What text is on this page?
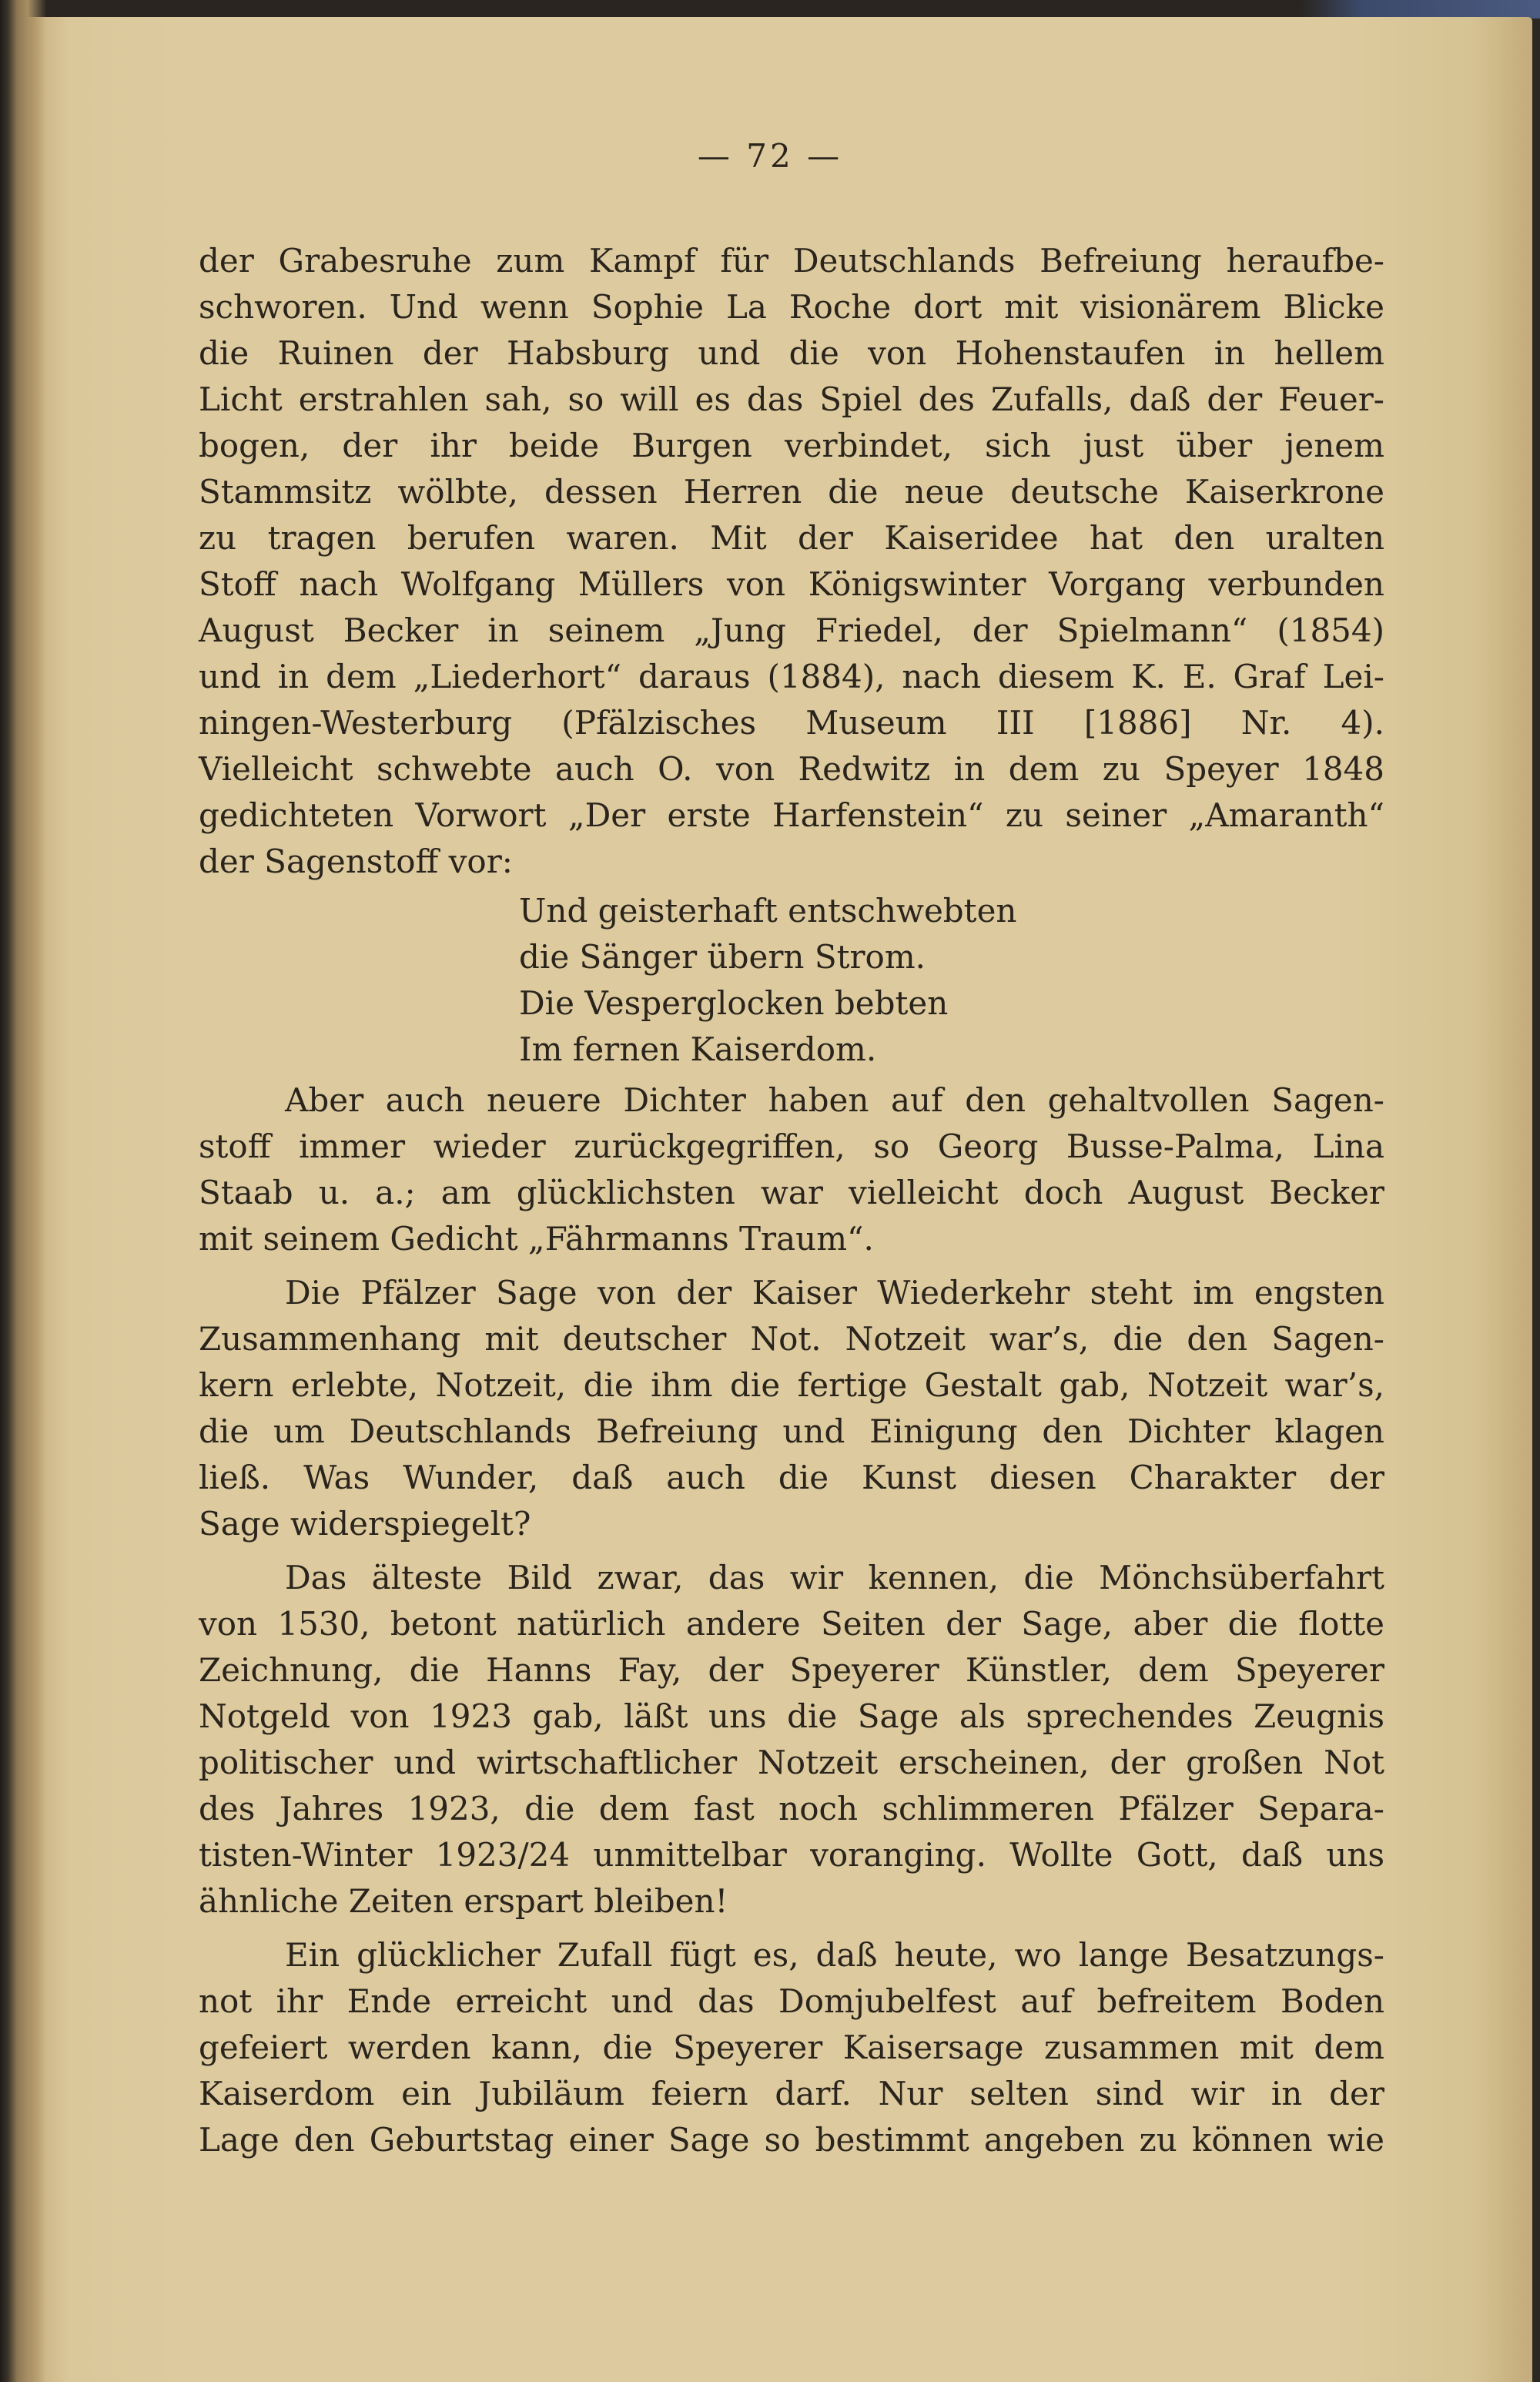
— 72 —
der Grabesruhe zum Kampf für Deutschlands Befreiung heraufbe-
schworen. Und wenn Sophie La Roche dort mit visionärem Blicke
die Ruinen der Habsburg und die von Hohenstaufen in hellem
Licht erstrahlen sah, so will es das Spiel des Zufalls, daß der Feuer-
bogen, der ihr beide Burgen verbindet, sich just über jenem
Stammsitz wölbte, dessen Herren die neue deutsche Kaiserkrone
zu tragen berufen waren. Mit der Kaiseridee hat den uralten
Stoff nach Wolfgang Müllers von Königswinter Vorgang verbunden
August Becker in seinem „Jung Friedel, der Spielmann“ (1854)
und in dem „Liederhort“ daraus (1884), nach diesem K. E. Graf Lei-
ningen-Westerburg (Pfälzisches Museum III [1886] Nr. 4).
Vielleicht schwebte auch O. von Redwitz in dem zu Speyer 1848
gedichteten Vorwort „Der erste Harfenstein“ zu seiner „Amaranth“
der Sagenstoff vor:
Und geisterhaft entschwebten
die Sänger übern Strom.
Die Vesperglocken bebten
Im fernen Kaiserdom.
Aber auch neuere Dichter haben auf den gehaltvollen Sagen-
stoff immer wieder zurückgegriffen, so Georg Busse-Palma, Lina
Staab u. a.; am glücklichsten war vielleicht doch August Becker
mit seinem Gedicht „Fährmanns Traum“.
Die Pfälzer Sage von der Kaiser Wiederkehr steht im engsten
Zusammenhang mit deutscher Not. Notzeit war’s, die den Sagen-
kern erlebte, Notzeit, die ihm die fertige Gestalt gab, Notzeit war’s,
die um Deutschlands Befreiung und Einigung den Dichter klagen
ließ. Was Wunder, daß auch die Kunst diesen Charakter der
Sage widerspiegelt?
Das älteste Bild zwar, das wir kennen, die Mönchsüberfahrt
von 1530, betont natürlich andere Seiten der Sage, aber die flotte
Zeichnung, die Hanns Fay, der Speyerer Künstler, dem Speyerer
Notgeld von 1923 gab, läßt uns die Sage als sprechendes Zeugnis
politischer und wirtschaftlicher Notzeit erscheinen, der großen Not
des Jahres 1923, die dem fast noch schlimmeren Pfälzer Separa-
tisten-Winter 1923/24 unmittelbar voranging. Wollte Gott, daß uns
ähnliche Zeiten erspart bleiben!
Ein glücklicher Zufall fügt es, daß heute, wo lange Besatzungs-
not ihr Ende erreicht und das Domjubelfest auf befreitem Boden
gefeiert werden kann, die Speyerer Kaisersage zusammen mit dem
Kaiserdom ein Jubiläum feiern darf. Nur selten sind wir in der
Lage den Geburtstag einer Sage so bestimmt angeben zu können wie
